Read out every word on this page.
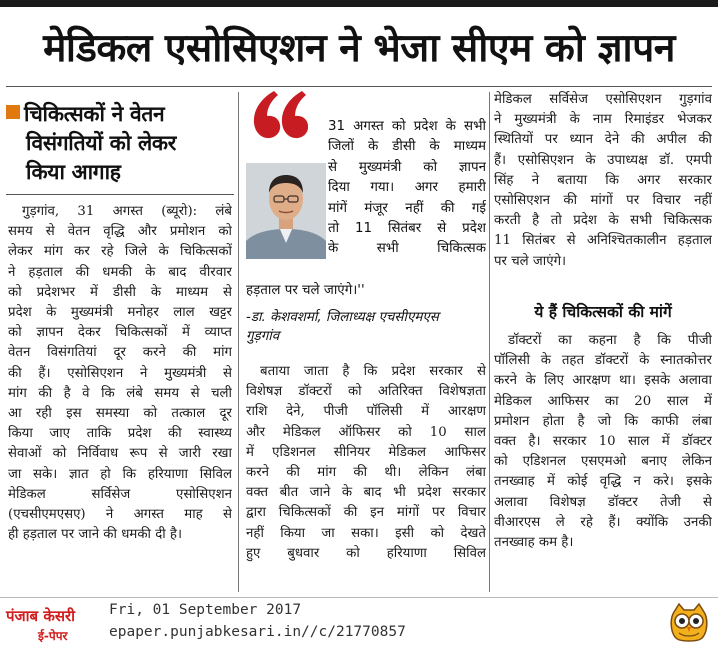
मेडिकल एसोसिएशन ने भेजा सीएम को ज्ञापन
चिकित्सकों ने वेतन
विसंगतियों को लेकर
किया आगाह
गुड़गांव, 31 अगस्त (ब्यूरो): लंबे
समय से वेतन वृद्धि और प्रमोशन को
लेकर मांग कर रहे जिले के चिकित्सकों
ने हड़ताल की धमकी के बाद वीरवार
को प्रदेशभर में डीसी के माध्यम से
प्रदेश के मुख्यमंत्री मनोहर लाल खट्टर
को ज्ञापन देकर चिकित्सकों में व्याप्त
वेतन विसंगतियां दूर करने की मांग
की हैं। एसोसिएशन ने मुख्यमंत्री से
मांग की है वे कि लंबे समय से चली
आ रही इस समस्या को तत्काल दूर
किया जाए ताकि प्रदेश की स्वास्थ्य
सेवाओं को निर्विवाध रूप से जारी रखा
जा सके। ज्ञात हो कि हरियाणा सिविल
मेडिकल सर्विसेज एसोसिएशन
(एचसीएमएसए) ने अगस्त माह से
ही हड़ताल पर जाने की धमकी दी है।
31 अगस्त को प्रदेश के सभी
जिलों के डीसी के माध्यम
से मुख्यमंत्री को ज्ञापन
दिया गया। अगर हमारी
मांगें मंजूर नहीं की गई
तो 11 सितंबर से प्रदेश
के सभी चिकित्सक
हड़ताल पर चले जाएंगे।''
-डा. केशवशर्मा, जिलाध्यक्ष एचसीएमएस
गुड़गांव
बताया जाता है कि प्रदेश सरकार से
विशेषज्ञ डॉक्टरों को अतिरिक्त विशेषज्ञता
राशि देने, पीजी पॉलिसी में आरक्षण
और मेडिकल ऑफिसर को 10 साल
में एडिशनल सीनियर मेडिकल आफिसर
करने की मांग की थी। लेकिन लंबा
वक्त बीत जाने के बाद भी प्रदेश सरकार
द्वारा चिकित्सकों की इन मांगों पर विचार
नहीं किया जा सका। इसी को देखते
हुए बुधवार को हरियाणा सिविल
मेडिकल सर्विसेज एसोसिएशन गुड़गांव
ने मुख्यमंत्री के नाम रिमाइंडर भेजकर
स्थितियों पर ध्यान देने की अपील की
हैं। एसोसिएशन के उपाध्यक्ष डॉ. एमपी
सिंह ने बताया कि अगर सरकार
एसोसिएशन की मांगों पर विचार नहीं
करती है तो प्रदेश के सभी चिकित्सक
11 सितंबर से अनिश्चितकालीन हड़ताल
पर चले जाएंगे।
ये हैं चिकित्सकों की मांगें
डॉक्टरों का कहना है कि पीजी
पॉलिसी के तहत डॉक्टरों के स्नातकोत्तर
करने के लिए आरक्षण था। इसके अलावा
मेडिकल आफिसर का 20 साल में
प्रमोशन होता है जो कि काफी लंबा
वक्त है। सरकार 10 साल में डॉक्टर
को एडिशनल एसएमओ बनाए लेकिन
तनख्वाह में कोई वृद्धि न करे। इसके
अलावा विशेषज्ञ डॉक्टर तेजी से
वीआरएस ले रहे हैं। क्योंकि उनकी
तनख्वाह कम है।
पंजाब केसरी
ई-पेपर
Fri, 01 September 2017
epaper.punjabkesari.in//c/21770857
